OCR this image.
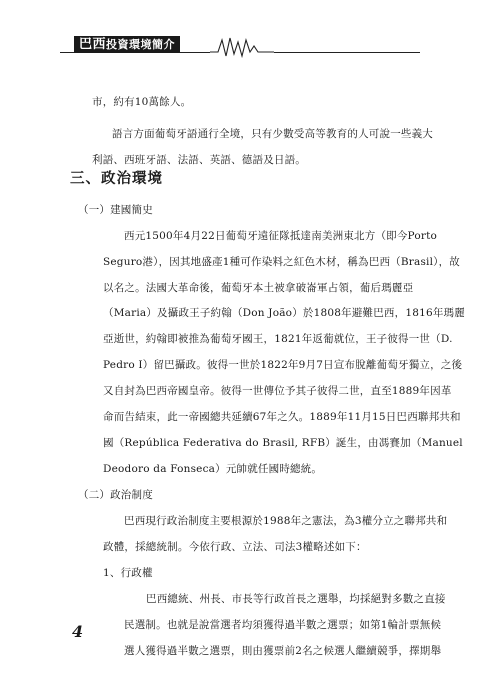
巴西投資環境簡介
市，約有10萬餘人。
語言方面葡萄牙語通行全境，只有少數受高等教育的人可說一些義大
利語、西班牙語、法語、英語、德語及日語。
三、政治環境
（一）建國簡史
西元1500年4月22日葡萄牙遠征隊抵達南美洲東北方（即今Porto
Seguro港），因其地盛產1種可作染料之紅色木材，稱為巴西（Brasil），故
以名之。法國大革命後，葡萄牙本土被拿破崙軍占領，葡后瑪麗亞
（Maria）及攝政王子約翰（Don João）於1808年避難巴西，1816年瑪麗
亞逝世，約翰即被推為葡萄牙國王，1821年返葡就位，王子彼得一世（D.
Pedro I）留巴攝政。彼得一世於1822年9月7日宣布脫離葡萄牙獨立，之後
又自封為巴西帝國皇帝。彼得一世傳位予其子彼得二世，直至1889年因革
命而告結束，此一帝國總共延續67年之久。1889年11月15日巴西聯邦共和
國（República Federativa do Brasil, RFB）誕生，由馮賽加（Manuel
Deodoro da Fonseca）元帥就任國時總統。
（二）政治制度
巴西現行政治制度主要根源於1988年之憲法，為3權分立之聯邦共和
政體，採總統制。今依行政、立法、司法3權略述如下：
1、行政權
巴西總統、州長、市長等行政首長之選舉，均採絕對多數之直接
民選制。也就是說當選者均須獲得過半數之選票；如第1輪計票無候
選人獲得過半數之選票，則由獲票前2名之候選人繼續競爭，擇期舉
4
